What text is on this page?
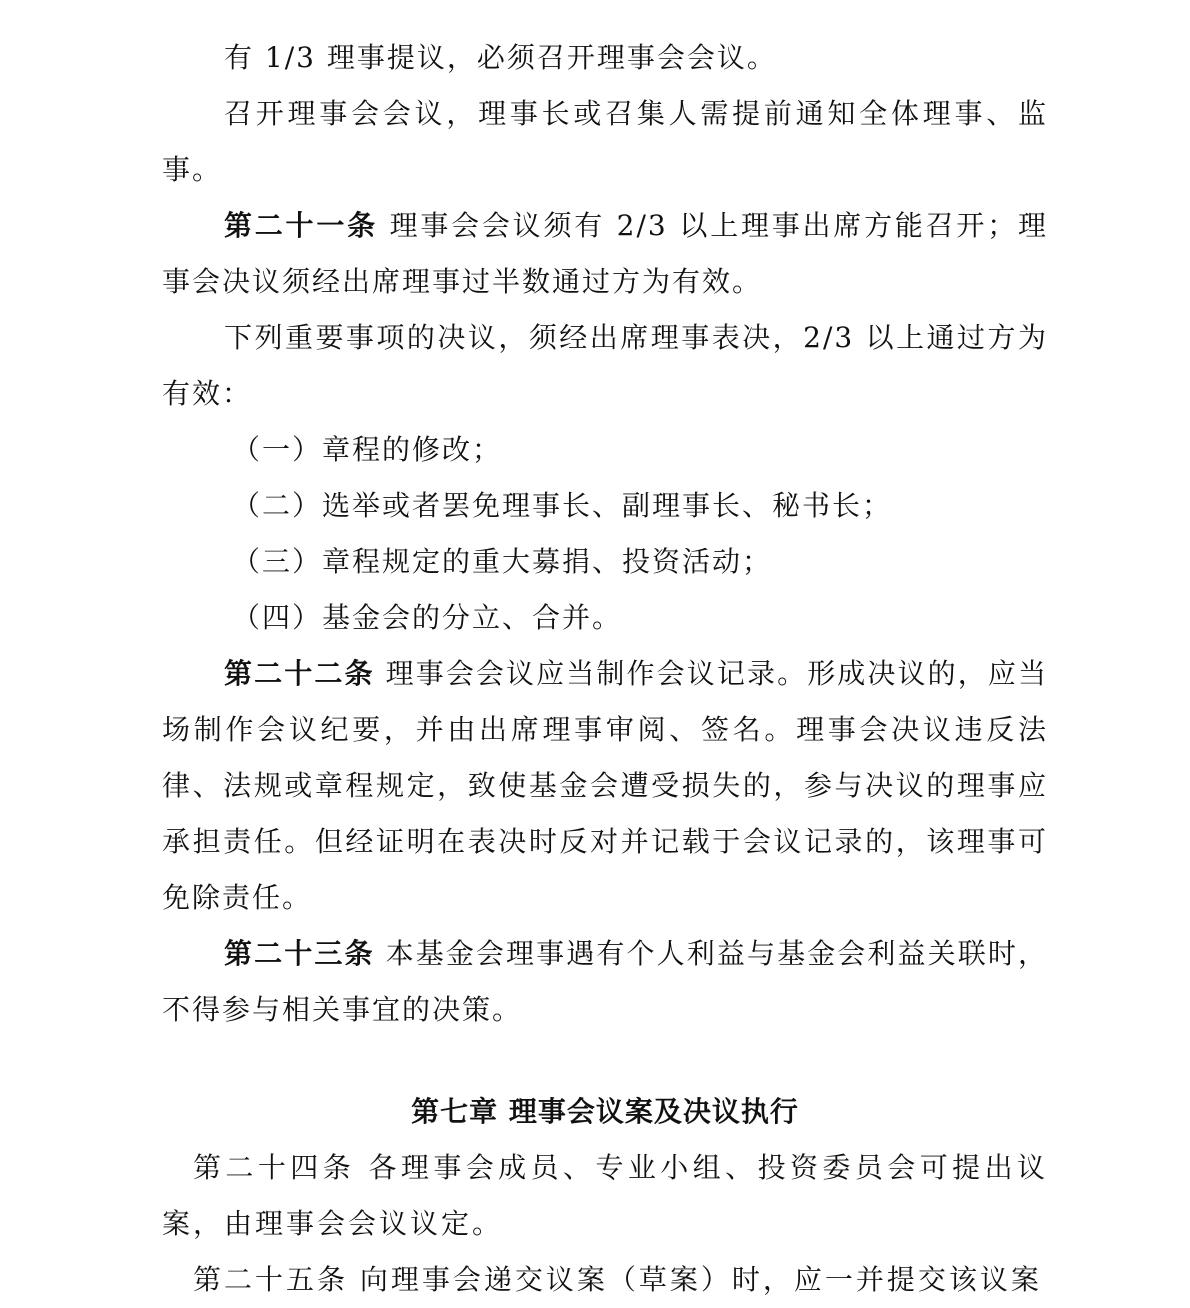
有 1/3 理事提议，必须召开理事会会议。

召开理事会会议，理事长或召集人需提前通知全体理事、监事。

第二十一条 理事会会议须有 2/3 以上理事出席方能召开；理事会决议须经出席理事过半数通过方为有效。

下列重要事项的决议，须经出席理事表决，2/3 以上通过方为有效：

（一）章程的修改；

（二）选举或者罢免理事长、副理事长、秘书长；

（三）章程规定的重大募捐、投资活动；

（四）基金会的分立、合并。

第二十二条 理事会会议应当制作会议记录。形成决议的，应当场制作会议纪要，并由出席理事审阅、签名。理事会决议违反法律、法规或章程规定，致使基金会遭受损失的，参与决议的理事应承担责任。但经证明在表决时反对并记载于会议记录的，该理事可免除责任。

第二十三条 本基金会理事遇有个人利益与基金会利益关联时，不得参与相关事宜的决策。

第七章 理事会议案及决议执行

第二十四条 各理事会成员、专业小组、投资委员会可提出议案，由理事会会议议定。

第二十五条 向理事会递交议案（草案）时，应一并提交该议案
